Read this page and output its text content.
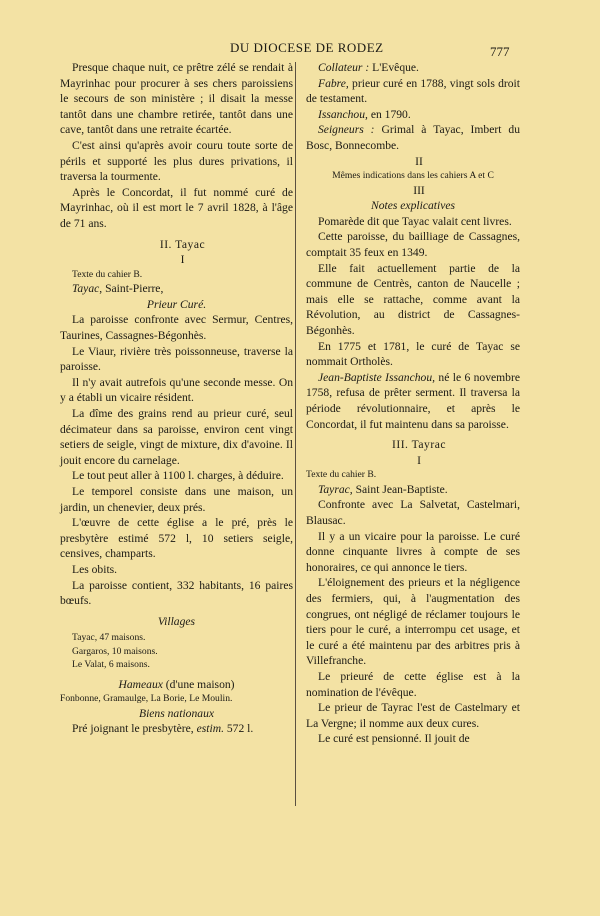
DU DIOCESE DE RODEZ	777

Presque chaque nuit, ce prêtre zélé se rendait à Mayrinhac pour procurer à ses chers paroissiens le secours de son ministère ; il disait la messe tantôt dans une chambre retirée, tantôt dans une cave, tantôt dans une retraite écartée.

C'est ainsi qu'après avoir couru toute sorte de périls et supporté les plus dures privations, il traversa la tourmente.

Après le Concordat, il fut nommé curé de Mayrinhac, où il est mort le 7 avril 1828, à l'âge de 71 ans.

II. Tayac

I

Texte du cahier B.

Tayac, Saint-Pierre,

Prieur Curé.

La paroisse confronte avec Sermur, Centres, Taurines, Cassagnes-Bégonhès.

Le Viaur, rivière très poissonneuse, traverse la paroisse.

Il n'y avait autrefois qu'une seconde messe. On y a établi un vicaire résident.

La dîme des grains rend au prieur curé, seul décimateur dans sa paroisse, environ cent vingt setiers de seigle, vingt de mixture, dix d'avoine. Il jouit encore du carnelage.

Le tout peut aller à 1100 l. charges, à déduire.

Le temporel consiste dans une maison, un jardin, un chenevier, deux prés.

L'œuvre de cette église a le pré, près le presbytère estimé 572 l, 10 setiers seigle, censives, champarts.

Les obits.

La paroisse contient, 332 habitants, 16 paires bœufs.

Villages

Tayac, 47 maisons.

Gargaros, 10 maisons.

Le Valat, 6 maisons.

Hameaux (d'une maison)

Fonbonne, Gramaulge, La Borie, Le Moulin.

Biens nationaux

Pré joignant le presbytère, estim. 572 l.

Collateur : L'Evêque.

Fabre, prieur curé en 1788, vingt sols droit de testament.

Issanchou, en 1790.

Seigneurs : Grimal à Tayac, Imbert du Bosc, Bonnecombe.

II

Mêmes indications dans les cahiers A et C

III

Notes explicatives

Pomarède dit que Tayac valait cent livres.

Cette paroisse, du bailliage de Cassagnes, comptait 35 feux en 1349.

Elle fait actuellement partie de la commune de Centrès, canton de Naucelle ; mais elle se rattache, comme avant la Révolution, au district de Cassagnes-Bégonhès.

En 1775 et 1781, le curé de Tayac se nommait Ortholès.

Jean-Baptiste Issanchou, né le 6 novembre 1758, refusa de prêter serment. Il traversa la période révolutionnaire, et après le Concordat, il fut maintenu dans sa paroisse.

III. Tayrac

I

Texte du cahier B.

Tayrac, Saint Jean-Baptiste.

Confronte avec La Salvetat, Castelmari, Blausac.

Il y a un vicaire pour la paroisse. Le curé donne cinquante livres à compte de ses honoraires, ce qui annonce le tiers.

L'éloignement des prieurs et la négligence des fermiers, qui, à l'augmentation des congrues, ont négligé de réclamer toujours le tiers pour le curé, a interrompu cet usage, et le curé a été maintenu par des arbitres pris à Villefranche.

Le prieuré de cette église est à la nomination de l'évêque.

Le prieur de Tayrac l'est de Castelmary et La Vergne; il nomme aux deux cures.

Le curé est pensionné. Il jouit de
